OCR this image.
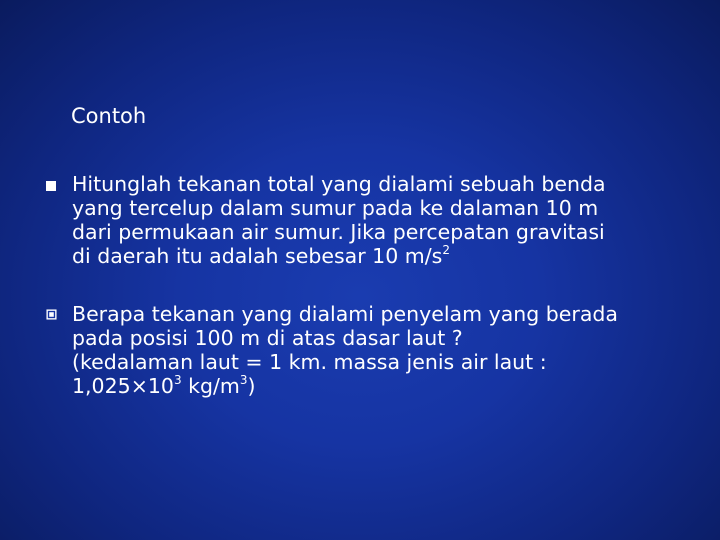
Contoh
Hitunglah tekanan total yang dialami sebuah benda
yang tercelup dalam sumur pada ke dalaman 10 m
dari permukaan air sumur. Jika percepatan gravitasi
di daerah itu adalah sebesar 10 $m/s^2$
Berapa tekanan yang dialami penyelam yang berada
pada posisi 100 m di atas dasar laut ?
(kedalaman laut = 1 km. massa jenis air laut :
$1,025\times 10^3$ $kg/m^3$)
